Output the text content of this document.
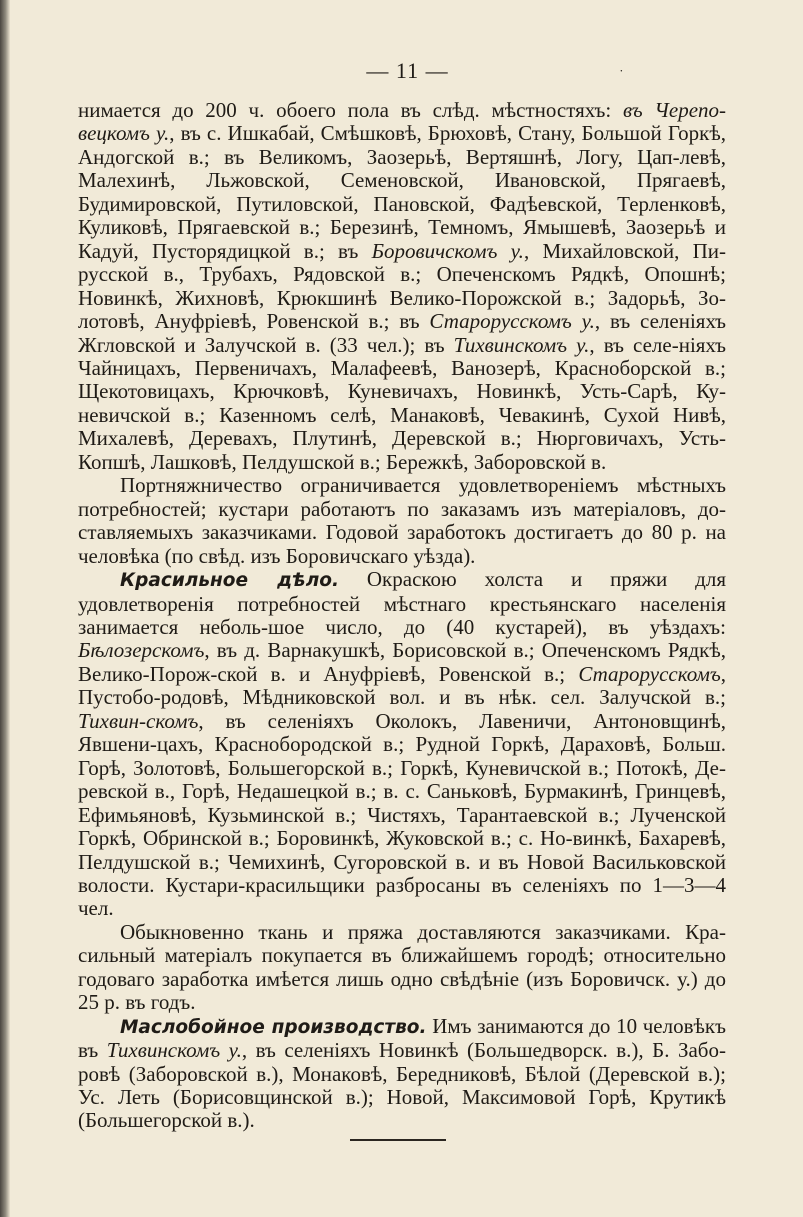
— 11 —	˙

нимается до 200 ч. обоего пола въ слѣд. мѣстностяхъ: въ Черепо- вецкомъ у., въ с. Ишкабай, Смѣшковѣ, Брюховѣ, Стану, Большой Горкѣ, Андогской в.; въ Великомъ, Заозерьѣ, Вертяшнѣ, Логу, Цап-левѣ, Малехинѣ, Льжовской, Семеновской, Ивановской, Прягаевѣ, Будимировской, Путиловской, Пановской, Фадѣевской, Терленковѣ, Куликовѣ, Прягаевской в.; Березинѣ, Темномъ, Ямышевѣ, Заозерьѣ и Кадуй, Пусторядицкой в.; въ Боровичскомъ у., Михайловской, Пи-русской в., Трубахъ, Рядовской в.; Опеченскомъ Рядкѣ, Опошнѣ; Новинкѣ, Жихновѣ, Крюкшинѣ Велико-Порожской в.; Задорьѣ, Зо-лотовѣ, Ануфріевѣ, Ровенской в.; въ Старорусскомъ у., въ селеніяхъ Жгловской и Залучской в. (33 чел.); въ Тихвинскомъ у., въ селе-ніяхъ Чайницахъ, Первеничахъ, Малафеевѣ, Ванозерѣ, Краснoборской в.; Щекотовицахъ, Крючковѣ, Куневичахъ, Новинкѣ, Усть-Сарѣ, Ку-невичской в.; Казенномъ селѣ, Манаковѣ, Чевакинѣ, Сухой Нивѣ, Михалевѣ, Деревахъ, Плутинѣ, Деревской в.; Нюрговичахъ, Усть-Копшѣ, Лашковѣ, Пелдушской в.; Бережкѣ, Заборовской в.

Портняжничество ограничивается удовлетвореніемъ мѣстныхъ потребностей; кустари работаютъ по заказамъ изъ матеріаловъ, до-ставляемыхъ заказчиками. Годовой заработокъ достигаетъ до 80 р. на человѣка (по свѣд. изъ Боровичскаго уѣзда).

Красильное дѣло. Окраскою холста и пряжи для удовлетворенія потребностей мѣстнаго крестьянскаго населенія занимается неболь-шое число, до (40 кустарей), въ уѣздахъ: Бѣлозерскомъ, въ д. Варнакушкѣ, Борисовской в.; Опеченскомъ Рядкѣ, Велико-Порож-ской в. и Ануфріевѣ, Ровенской в.; Старорусскомъ, Пустобо-родовѣ, Мѣдниковской вол. и въ нѣк. сел. Залучской в.; Тихвин-скомъ, въ селеніяхъ Околокъ, Лавеничи, Антоновщинѣ, Явшени-цахъ, Краснoбородской в.; Рудной Горкѣ, Дараховѣ, Больш. Горѣ, Золотовѣ, Большегорской в.; Горкѣ, Куневичской в.; Потокѣ, Де-ревской в., Горѣ, Недашецкой в.; в. с. Саньковѣ, Бурмакинѣ, Гринцевѣ, Ефимьяновѣ, Кузьминской в.; Чистяхъ, Тарантаевской в.; Лученской Горкѣ, Обринской в.; Боровинкѣ, Жуковской в.; с. Но-винкѣ, Бахаревѣ, Пелдушской в.; Чемихинѣ, Сугоровской в. и въ Новой Васильковской волости. Кустари-красильщики разбросаны въ селеніяхъ по 1—3—4 чел.

Обыкновенно ткань и пряжа доставляются заказчиками. Кра-сильный матеріалъ покупается въ ближайшемъ городѣ; относительно годоваго заработка имѣется лишь одно свѣдѣніе (изъ Боровичск. у.) до 25 р. въ годъ.

Маслобойное производство. Имъ занимаются до 10 человѣкъ въ Тихвинскомъ у., въ селеніяхъ Новинкѣ (Большедворск. в.), Б. Забо-ровѣ (Заборовской в.), Монаковѣ, Бередниковѣ, Бѣлой (Деревской в.); Ус. Леть (Борисовщинской в.); Новой, Максимовой Горѣ, Крутикѣ (Большегорской в.).
